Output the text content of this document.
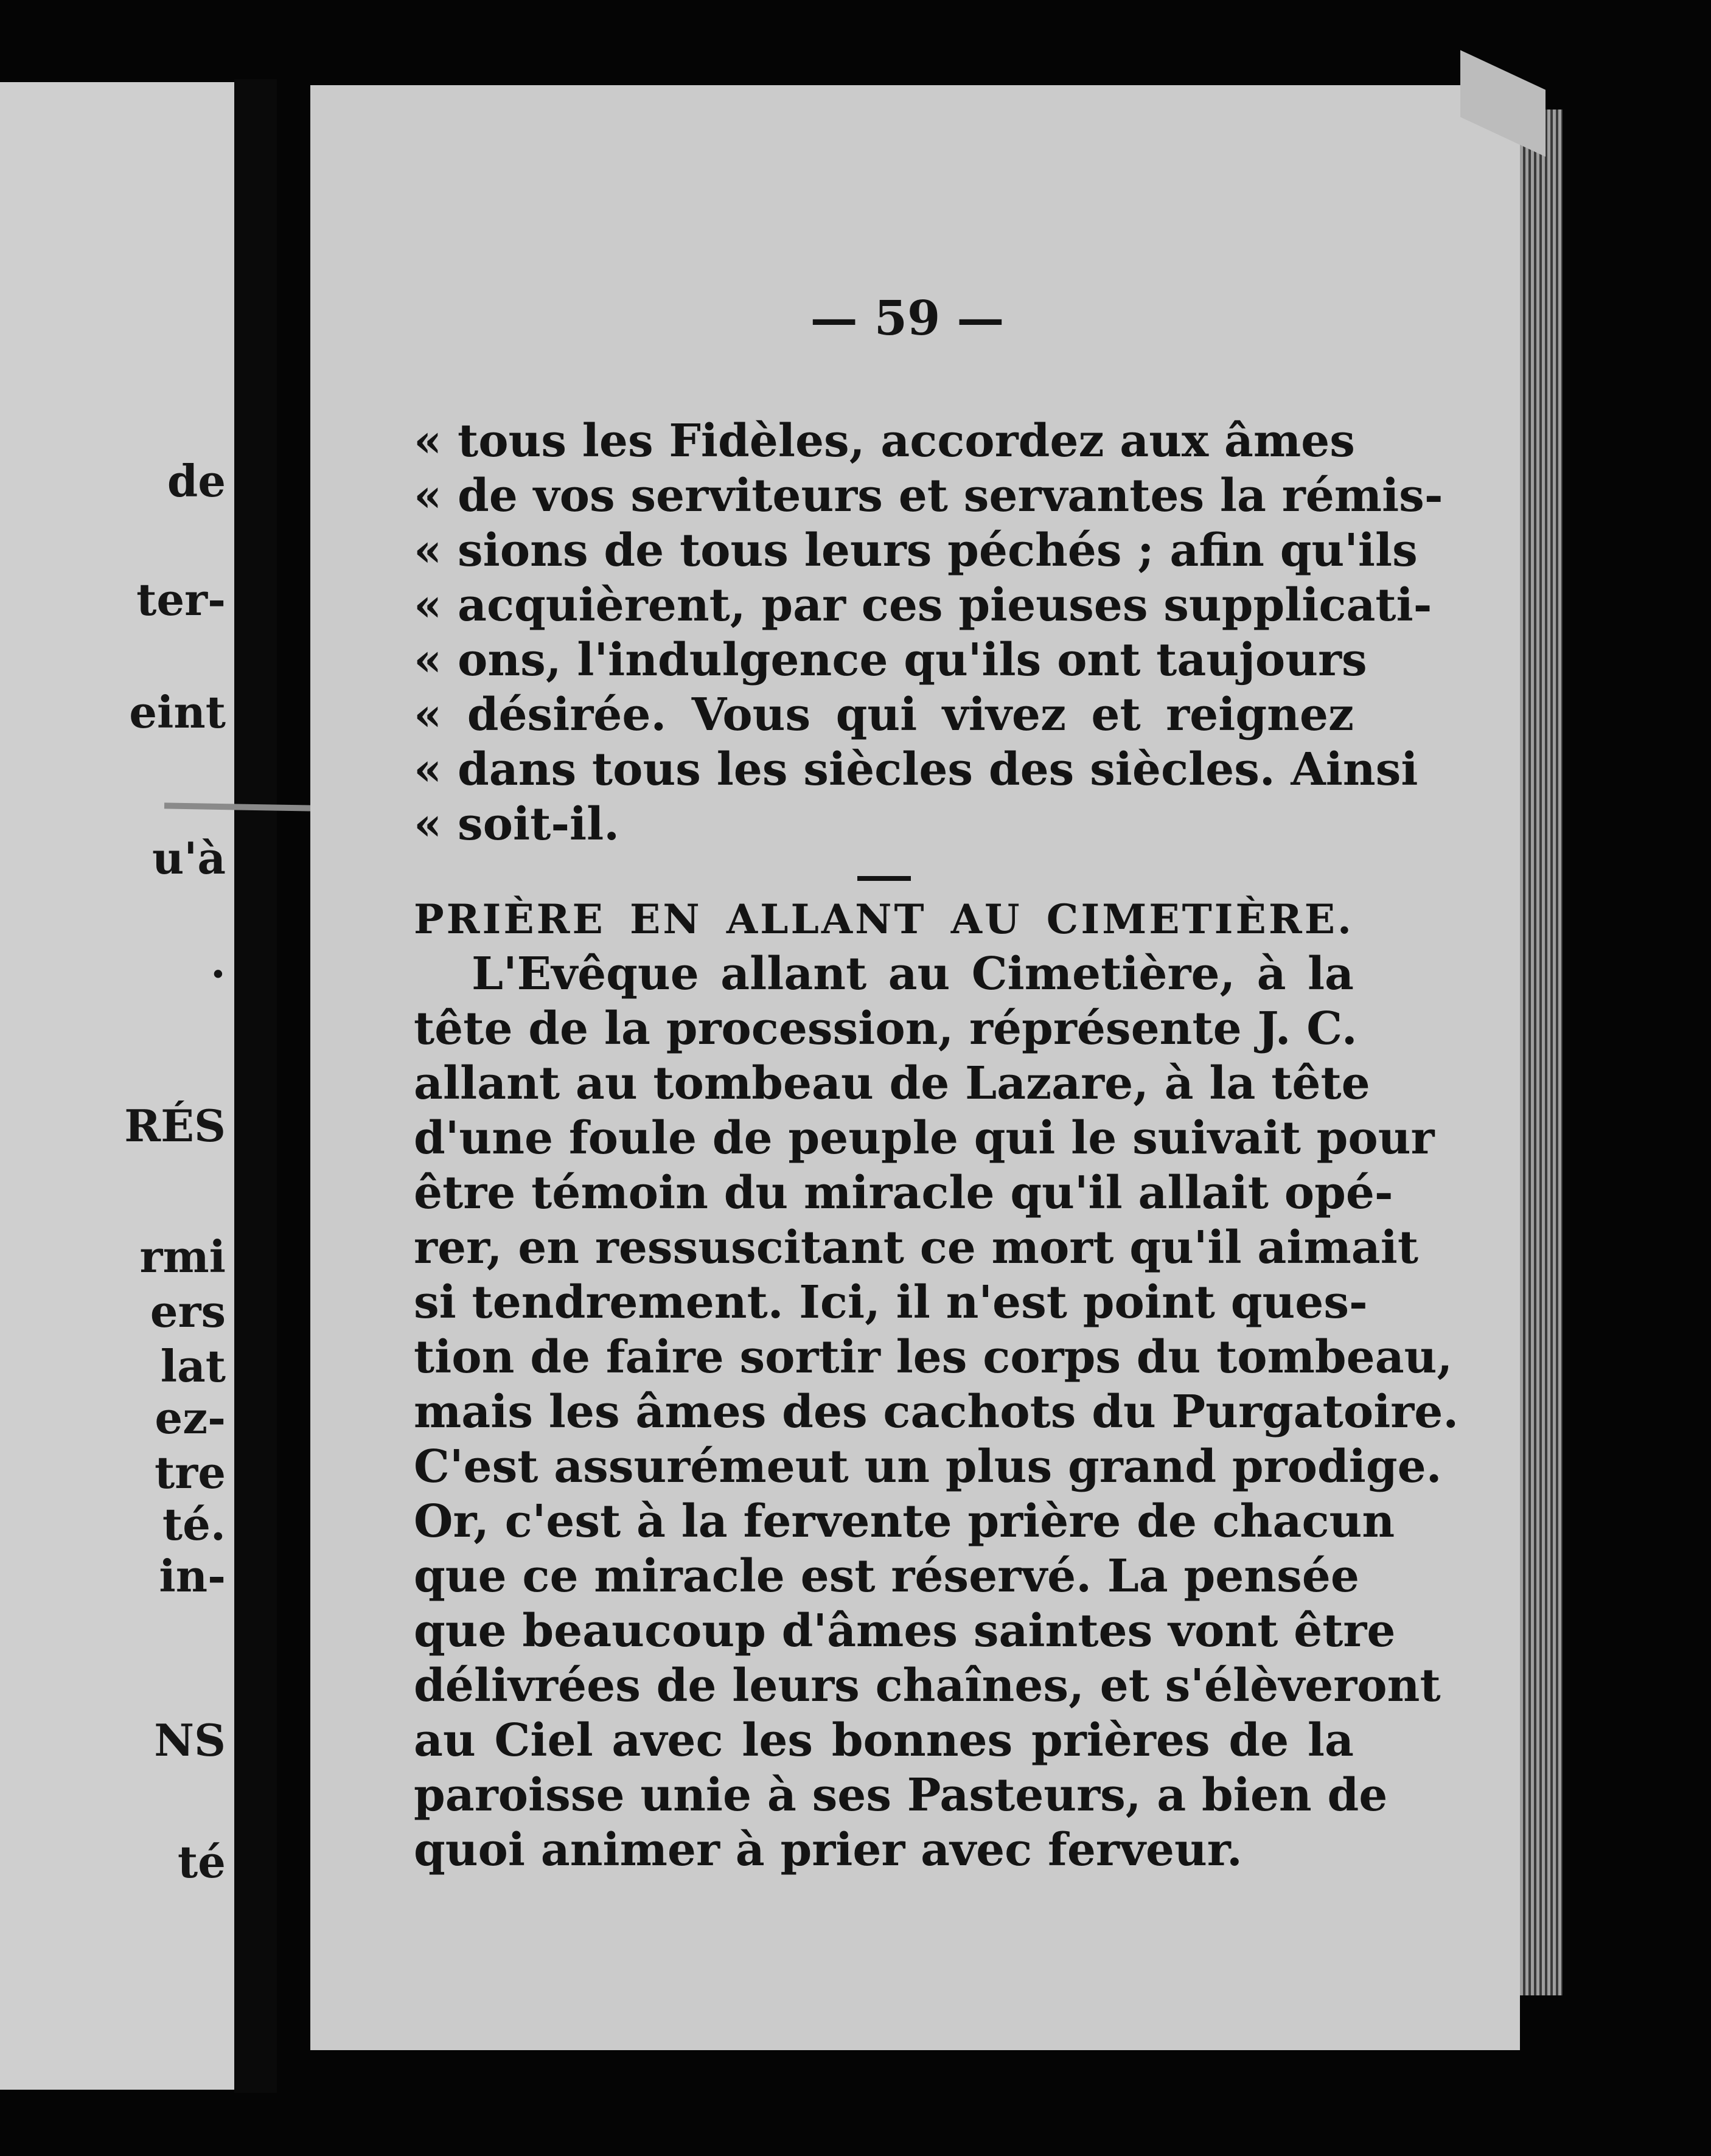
de
ter-
eint
u'à
·
RÉS
rmi
ers
lat
ez-
tre
té.
in-
NS
té
— 59 —
« tous les Fidèles, accordez aux âmes
« de vos serviteurs et servantes la rémis-
« sions de tous leurs péchés ; afin qu'ils
« acquièrent, par ces pieuses supplicati-
« ons, l'indulgence qu'ils ont taujours
« désirée. Vous qui vivez et reignez
« dans tous les siècles des siècles. Ainsi
« soit-il.
PRIÈRE EN ALLANT AU CIMETIÈRE.
L'Evêque allant au Cimetière, à la
tête de la procession, réprésente J. C.
allant au tombeau de Lazare, à la tête
d'une foule de peuple qui le suivait pour
être témoin du miracle qu'il allait opé-
rer, en ressuscitant ce mort qu'il aimait
si tendrement. Ici, il n'est point ques-
tion de faire sortir les corps du tombeau,
mais les âmes des cachots du Purgatoire.
C'est assurémeut un plus grand prodige.
Or, c'est à la fervente prière de chacun
que ce miracle est réservé. La pensée
que beaucoup d'âmes saintes vont être
délivrées de leurs chaînes, et s'élèveront
au Ciel avec les bonnes prières de la
paroisse unie à ses Pasteurs, a bien de
quoi animer à prier avec ferveur.
